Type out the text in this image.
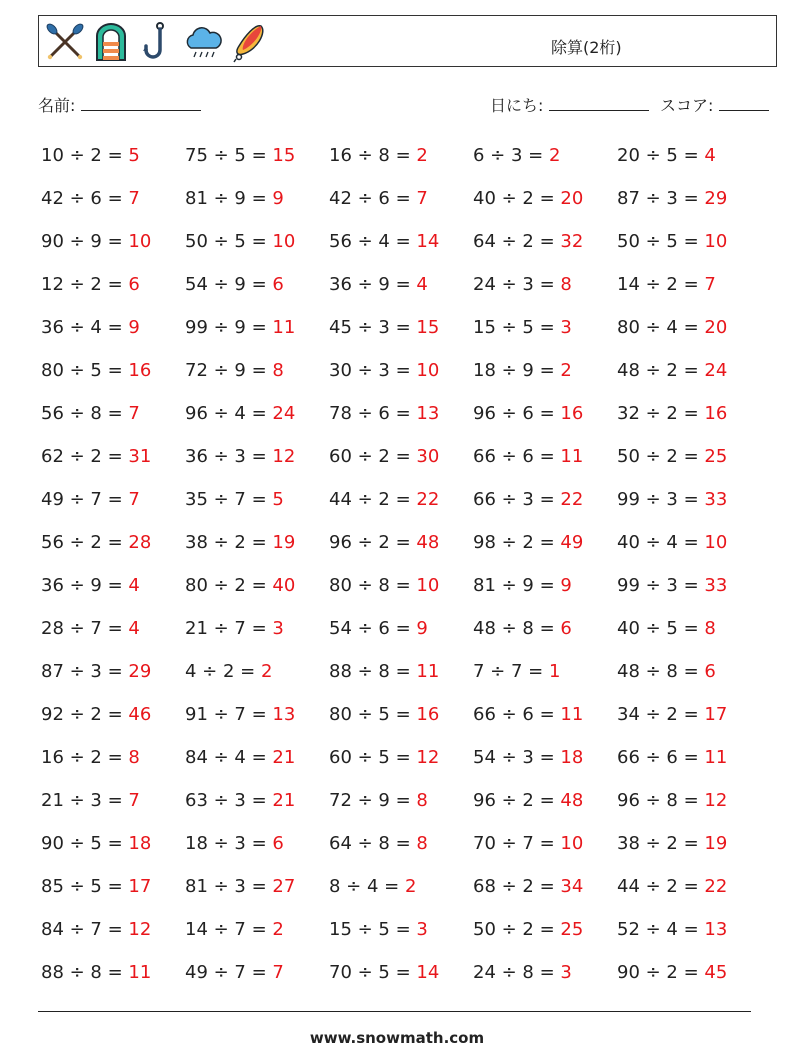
除算(2桁)
名前:	日にち:	スコア:
10 ÷ 2 = 5	75 ÷ 5 = 15	16 ÷ 8 = 2	6 ÷ 3 = 2	20 ÷ 5 = 4
42 ÷ 6 = 7	81 ÷ 9 = 9	42 ÷ 6 = 7	40 ÷ 2 = 20	87 ÷ 3 = 29
90 ÷ 9 = 10	50 ÷ 5 = 10	56 ÷ 4 = 14	64 ÷ 2 = 32	50 ÷ 5 = 10
12 ÷ 2 = 6	54 ÷ 9 = 6	36 ÷ 9 = 4	24 ÷ 3 = 8	14 ÷ 2 = 7
36 ÷ 4 = 9	99 ÷ 9 = 11	45 ÷ 3 = 15	15 ÷ 5 = 3	80 ÷ 4 = 20
80 ÷ 5 = 16	72 ÷ 9 = 8	30 ÷ 3 = 10	18 ÷ 9 = 2	48 ÷ 2 = 24
56 ÷ 8 = 7	96 ÷ 4 = 24	78 ÷ 6 = 13	96 ÷ 6 = 16	32 ÷ 2 = 16
62 ÷ 2 = 31	36 ÷ 3 = 12	60 ÷ 2 = 30	66 ÷ 6 = 11	50 ÷ 2 = 25
49 ÷ 7 = 7	35 ÷ 7 = 5	44 ÷ 2 = 22	66 ÷ 3 = 22	99 ÷ 3 = 33
56 ÷ 2 = 28	38 ÷ 2 = 19	96 ÷ 2 = 48	98 ÷ 2 = 49	40 ÷ 4 = 10
36 ÷ 9 = 4	80 ÷ 2 = 40	80 ÷ 8 = 10	81 ÷ 9 = 9	99 ÷ 3 = 33
28 ÷ 7 = 4	21 ÷ 7 = 3	54 ÷ 6 = 9	48 ÷ 8 = 6	40 ÷ 5 = 8
87 ÷ 3 = 29	4 ÷ 2 = 2	88 ÷ 8 = 11	7 ÷ 7 = 1	48 ÷ 8 = 6
92 ÷ 2 = 46	91 ÷ 7 = 13	80 ÷ 5 = 16	66 ÷ 6 = 11	34 ÷ 2 = 17
16 ÷ 2 = 8	84 ÷ 4 = 21	60 ÷ 5 = 12	54 ÷ 3 = 18	66 ÷ 6 = 11
21 ÷ 3 = 7	63 ÷ 3 = 21	72 ÷ 9 = 8	96 ÷ 2 = 48	96 ÷ 8 = 12
90 ÷ 5 = 18	18 ÷ 3 = 6	64 ÷ 8 = 8	70 ÷ 7 = 10	38 ÷ 2 = 19
85 ÷ 5 = 17	81 ÷ 3 = 27	8 ÷ 4 = 2	68 ÷ 2 = 34	44 ÷ 2 = 22
84 ÷ 7 = 12	14 ÷ 7 = 2	15 ÷ 5 = 3	50 ÷ 2 = 25	52 ÷ 4 = 13
88 ÷ 8 = 11	49 ÷ 7 = 7	70 ÷ 5 = 14	24 ÷ 8 = 3	90 ÷ 2 = 45
www.snowmath.com
